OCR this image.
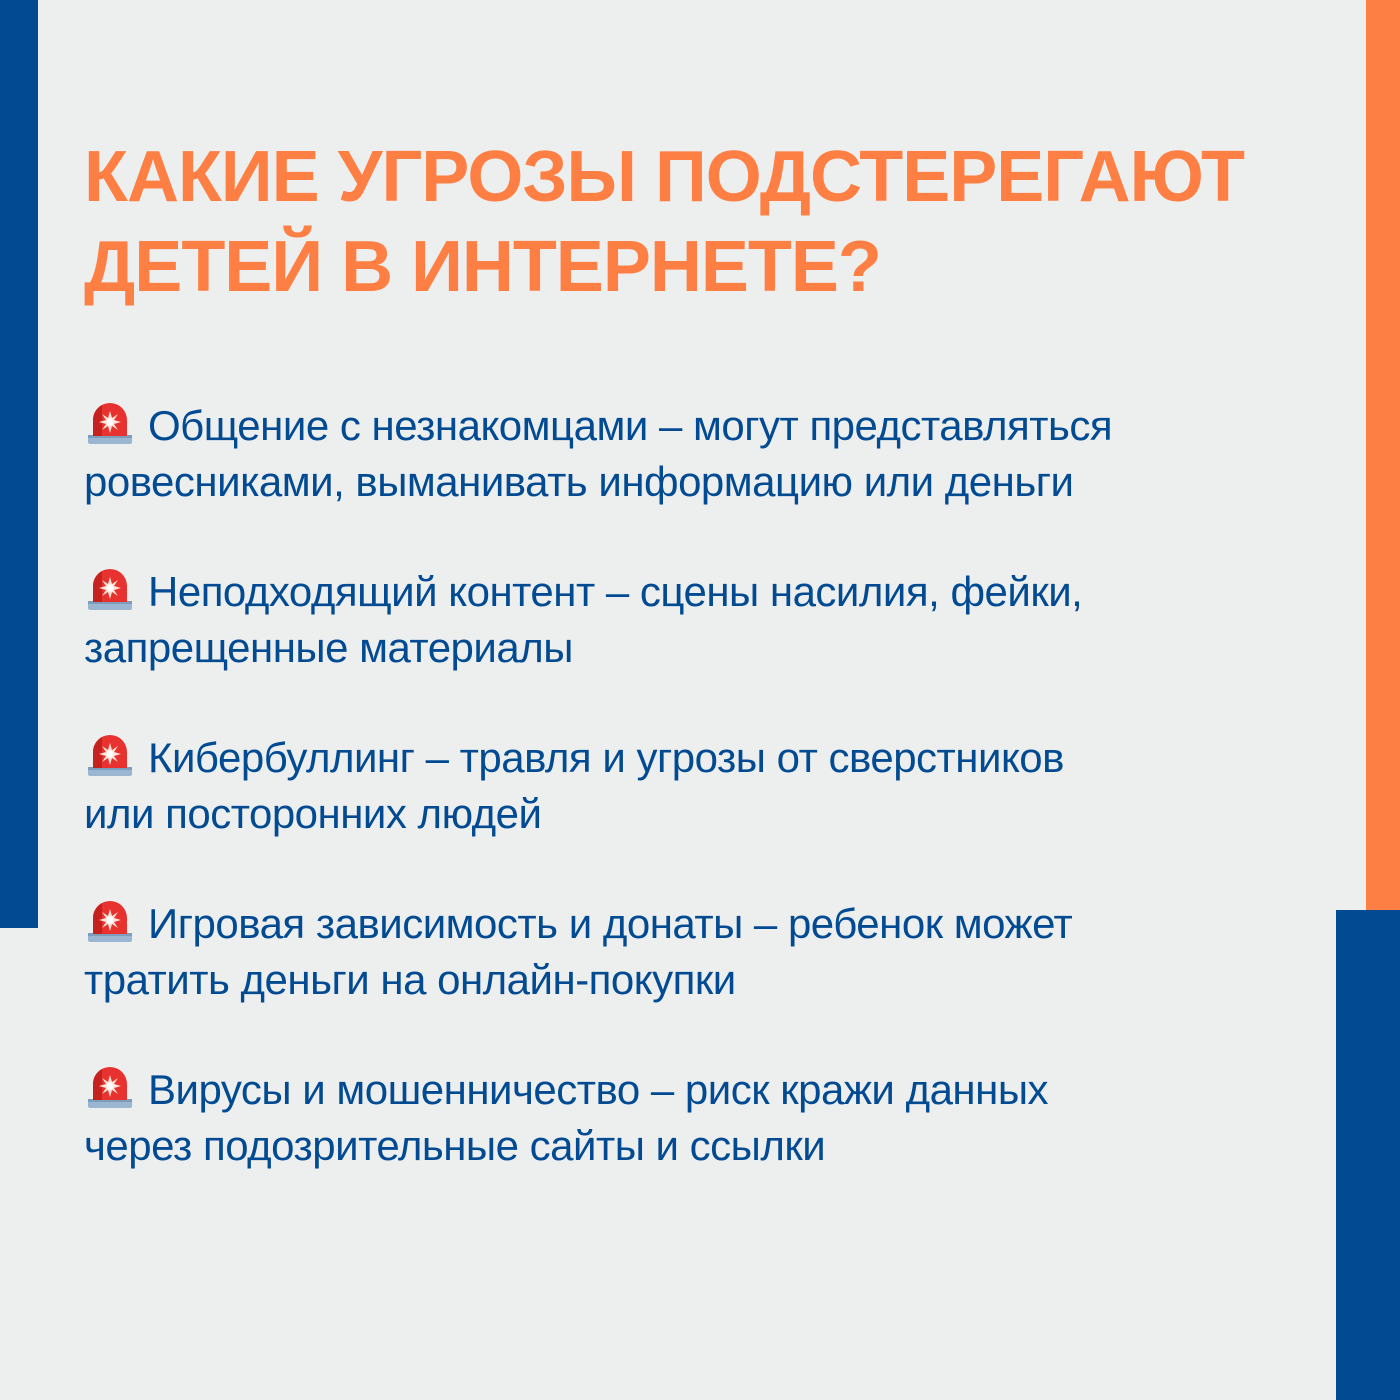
КАКИЕ УГРОЗЫ ПОДСТЕРЕГАЮТ
ДЕТЕЙ В ИНТЕРНЕТЕ?
Общение с незнакомцами – могут представляться
ровесниками, выманивать информацию или деньги
Неподходящий контент – сцены насилия, фейки,
запрещенные материалы
Кибербуллинг – травля и угрозы от сверстников
или посторонних людей
Игровая зависимость и донаты – ребенок может
тратить деньги на онлайн-покупки
Вирусы и мошенничество – риск кражи данных
через подозрительные сайты и ссылки
